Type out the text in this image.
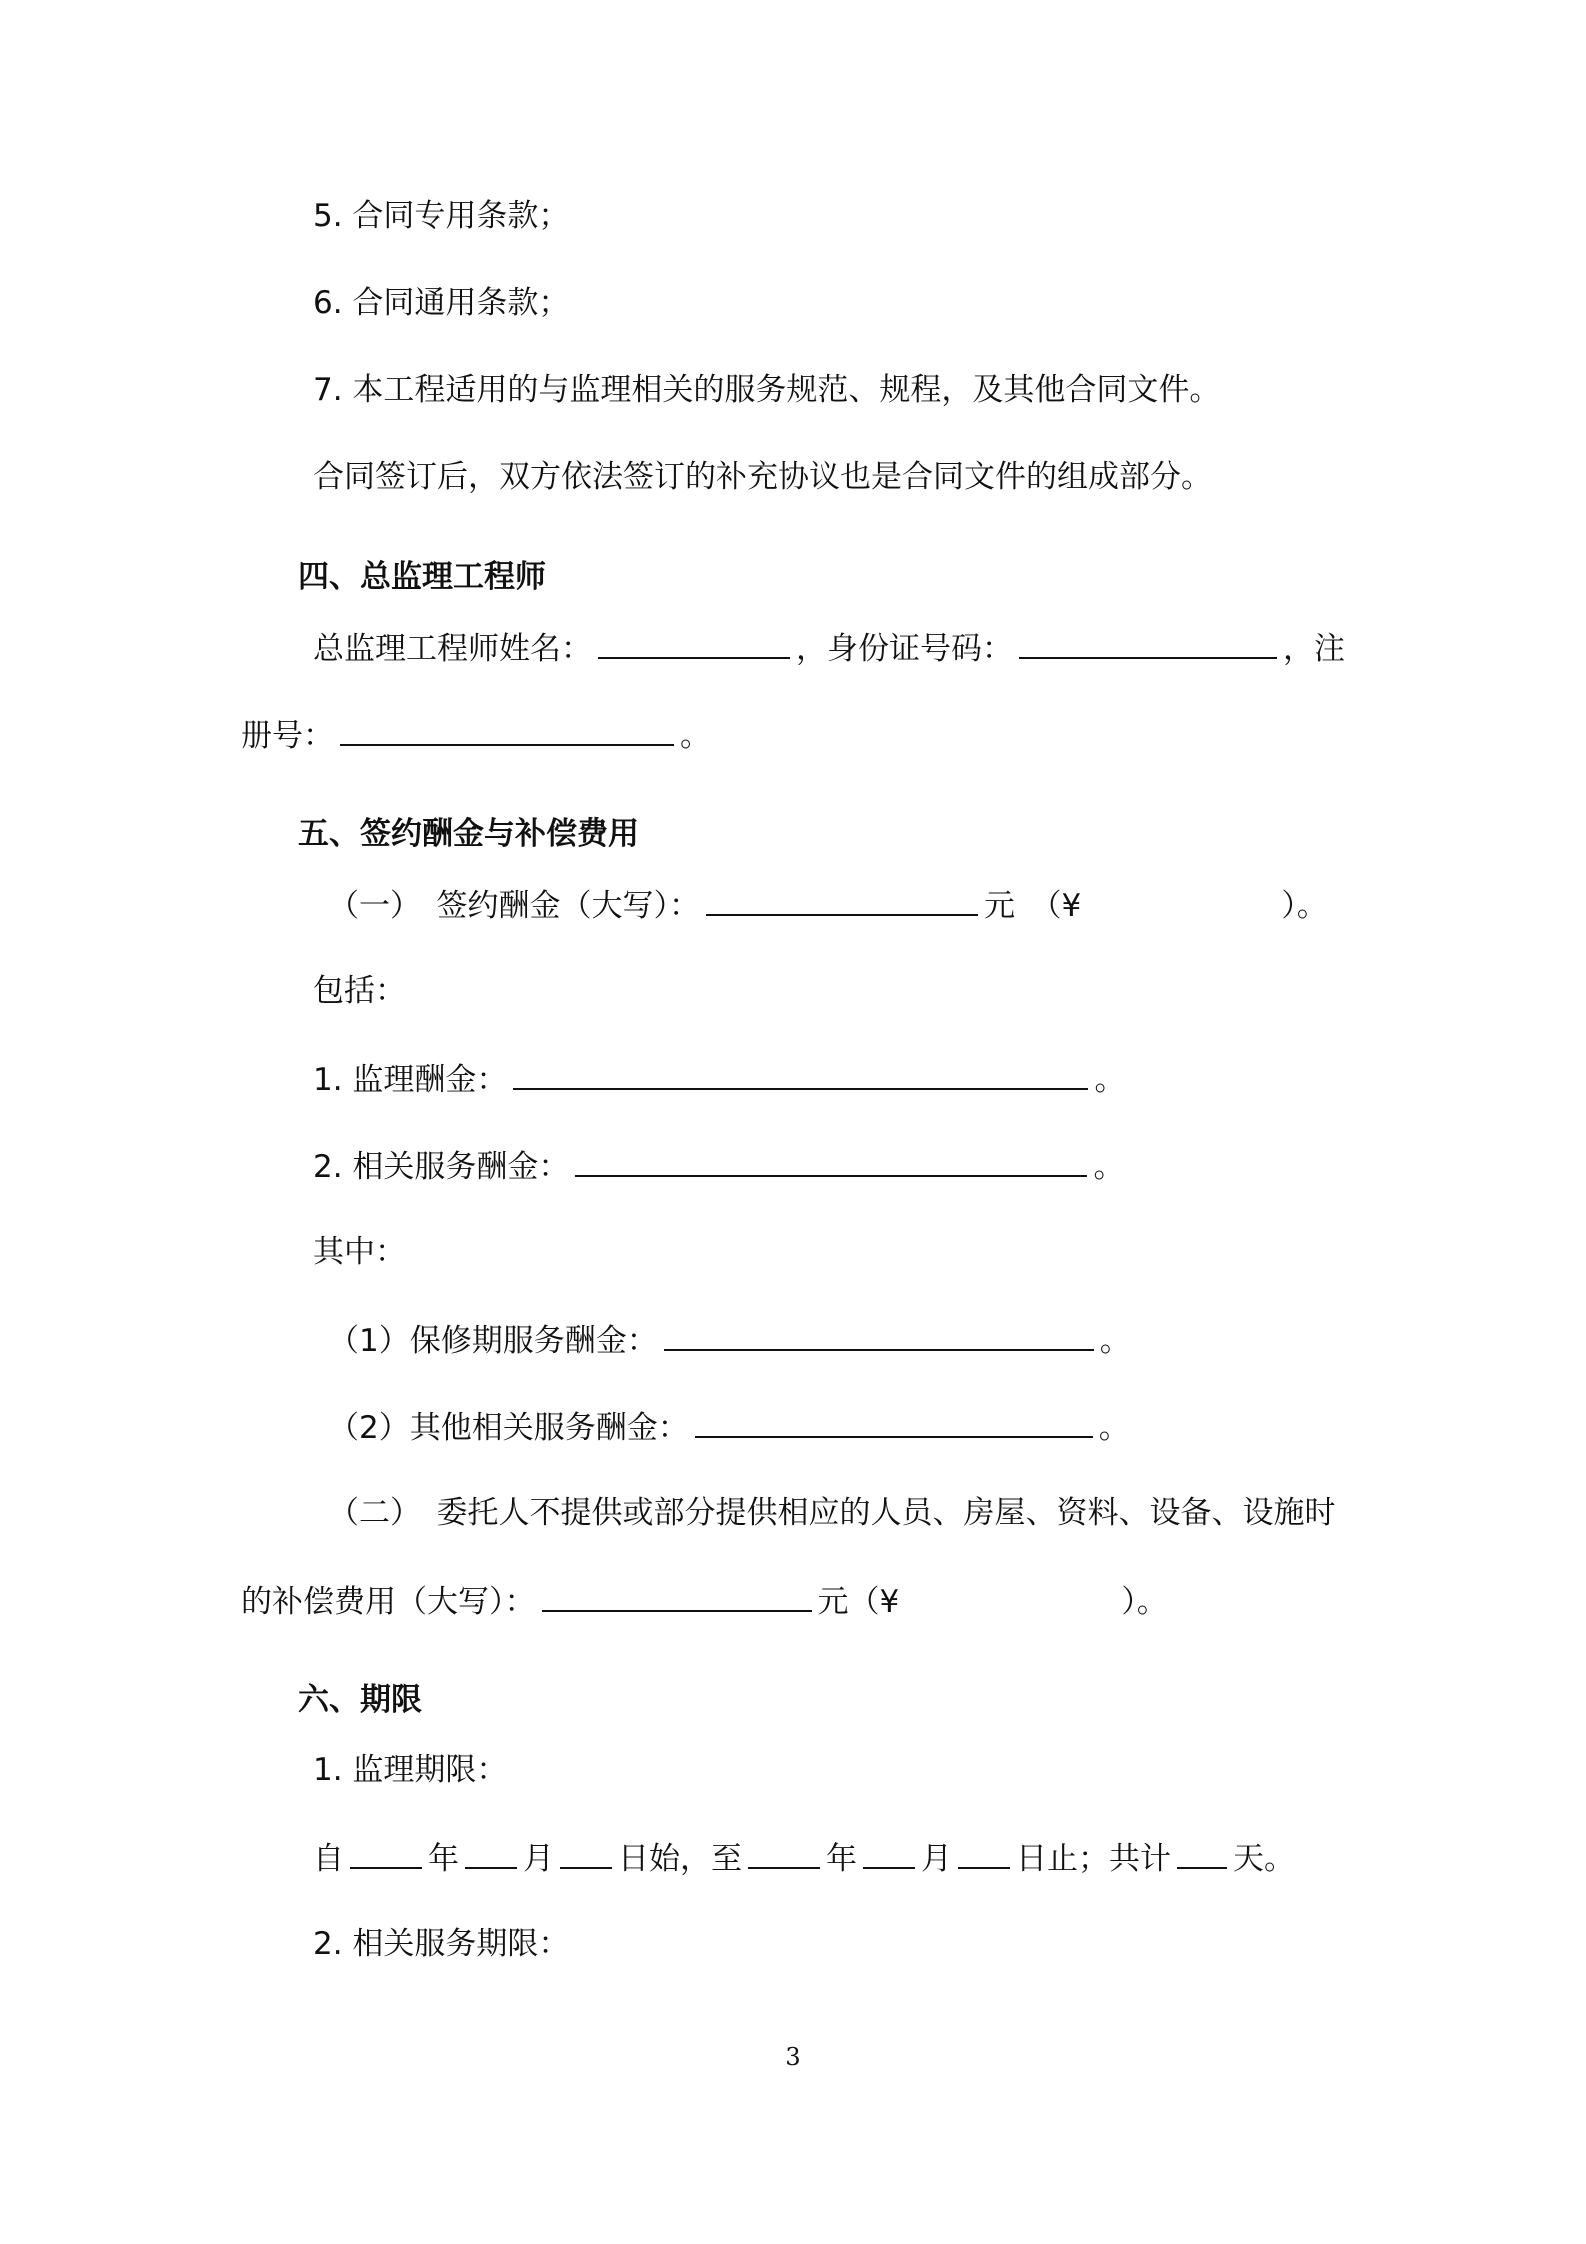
5. 合同专用条款；
6. 合同通用条款；
7. 本工程适用的与监理相关的服务规范、规程，及其他合同文件。
合同签订后，双方依法签订的补充协议也是合同文件的组成部分。
四、总监理工程师
总监理工程师姓名：	，身份证号码：	，注
册号：	。
五、签约酬金与补偿费用
（一）　签约酬金（大写）：	元　（¥	）。
包括：
1. 监理酬金：	。
2. 相关服务酬金：	。
其中：
（1）保修期服务酬金：	。
（2）其他相关服务酬金：	。
（二）　委托人不提供或部分提供相应的人员、房屋、资料、设备、设施时
的补偿费用（大写）：	元（¥	）。
六、期限
1. 监理期限：
自	年 月 日始，至	年 月 日止；共计 天。
2. 相关服务期限：
3
